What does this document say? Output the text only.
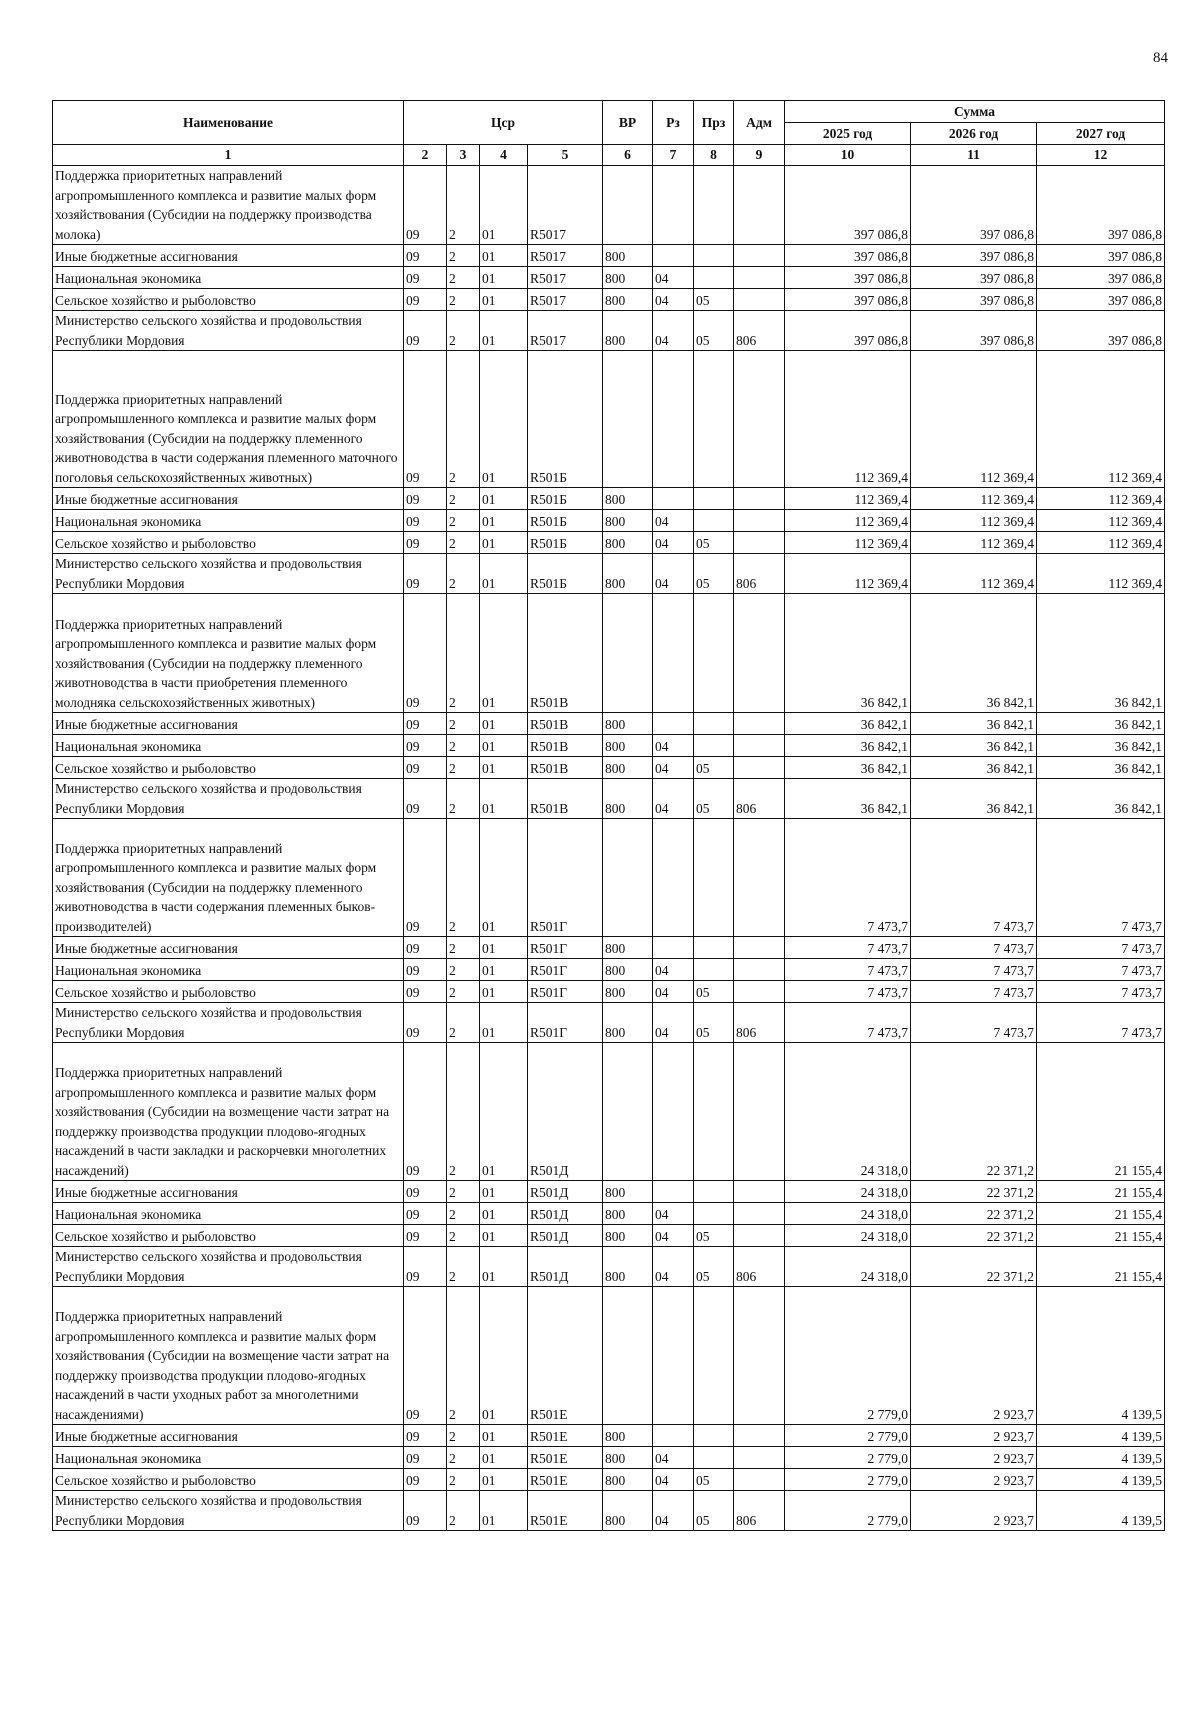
84
Наименование	Цср				ВР	Рз	Прз	Адм	Сумма		
									2025 год	2026 год	2027 год
1	2	3	4	5	6	7	8	9	10	11	12
Поддержка приоритетных направлений агропромышленного комплекса и развитие малых форм хозяйствования (Субсидии на поддержку производства молока)	09	2	01	R5017					397 086,8	397 086,8	397 086,8
Иные бюджетные ассигнования	09	2	01	R5017	800				397 086,8	397 086,8	397 086,8
Национальная экономика	09	2	01	R5017	800	04			397 086,8	397 086,8	397 086,8
Сельское хозяйство и рыболовство	09	2	01	R5017	800	04	05		397 086,8	397 086,8	397 086,8
Министерство сельского хозяйства и продовольствия Республики Мордовия	09	2	01	R5017	800	04	05	806	397 086,8	397 086,8	397 086,8
Поддержка приоритетных направлений агропромышленного комплекса и развитие малых форм хозяйствования (Субсидии на поддержку племенного животноводства в части содержания племенного маточного поголовья сельскохозяйственных животных)	09	2	01	R501Б					112 369,4	112 369,4	112 369,4
Иные бюджетные ассигнования	09	2	01	R501Б	800				112 369,4	112 369,4	112 369,4
Национальная экономика	09	2	01	R501Б	800	04			112 369,4	112 369,4	112 369,4
Сельское хозяйство и рыболовство	09	2	01	R501Б	800	04	05		112 369,4	112 369,4	112 369,4
Министерство сельского хозяйства и продовольствия Республики Мордовия	09	2	01	R501Б	800	04	05	806	112 369,4	112 369,4	112 369,4
Поддержка приоритетных направлений агропромышленного комплекса и развитие малых форм хозяйствования (Субсидии на поддержку племенного животноводства в части приобретения племенного молодняка сельскохозяйственных животных)	09	2	01	R501В					36 842,1	36 842,1	36 842,1
Иные бюджетные ассигнования	09	2	01	R501В	800				36 842,1	36 842,1	36 842,1
Национальная экономика	09	2	01	R501В	800	04			36 842,1	36 842,1	36 842,1
Сельское хозяйство и рыболовство	09	2	01	R501В	800	04	05		36 842,1	36 842,1	36 842,1
Министерство сельского хозяйства и продовольствия Республики Мордовия	09	2	01	R501В	800	04	05	806	36 842,1	36 842,1	36 842,1
Поддержка приоритетных направлений агропромышленного комплекса и развитие малых форм хозяйствования (Субсидии на поддержку племенного животноводства в части содержания племенных быков-производителей)	09	2	01	R501Г					7 473,7	7 473,7	7 473,7
Иные бюджетные ассигнования	09	2	01	R501Г	800				7 473,7	7 473,7	7 473,7
Национальная экономика	09	2	01	R501Г	800	04			7 473,7	7 473,7	7 473,7
Сельское хозяйство и рыболовство	09	2	01	R501Г	800	04	05		7 473,7	7 473,7	7 473,7
Министерство сельского хозяйства и продовольствия Республики Мордовия	09	2	01	R501Г	800	04	05	806	7 473,7	7 473,7	7 473,7
Поддержка приоритетных направлений агропромышленного комплекса и развитие малых форм хозяйствования (Субсидии на возмещение части затрат на поддержку производства продукции плодово-ягодных насаждений в части закладки и раскорчевки многолетних насаждений)	09	2	01	R501Д					24 318,0	22 371,2	21 155,4
Иные бюджетные ассигнования	09	2	01	R501Д	800				24 318,0	22 371,2	21 155,4
Национальная экономика	09	2	01	R501Д	800	04			24 318,0	22 371,2	21 155,4
Сельское хозяйство и рыболовство	09	2	01	R501Д	800	04	05		24 318,0	22 371,2	21 155,4
Министерство сельского хозяйства и продовольствия Республики Мордовия	09	2	01	R501Д	800	04	05	806	24 318,0	22 371,2	21 155,4
Поддержка приоритетных направлений агропромышленного комплекса и развитие малых форм хозяйствования (Субсидии на возмещение части затрат на поддержку производства продукции плодово-ягодных насаждений в части уходных работ за многолетними насаждениями)	09	2	01	R501Е					2 779,0	2 923,7	4 139,5
Иные бюджетные ассигнования	09	2	01	R501Е	800				2 779,0	2 923,7	4 139,5
Национальная экономика	09	2	01	R501Е	800	04			2 779,0	2 923,7	4 139,5
Сельское хозяйство и рыболовство	09	2	01	R501Е	800	04	05		2 779,0	2 923,7	4 139,5
Министерство сельского хозяйства и продовольствия Республики Мордовия	09	2	01	R501Е	800	04	05	806	2 779,0	2 923,7	4 139,5
